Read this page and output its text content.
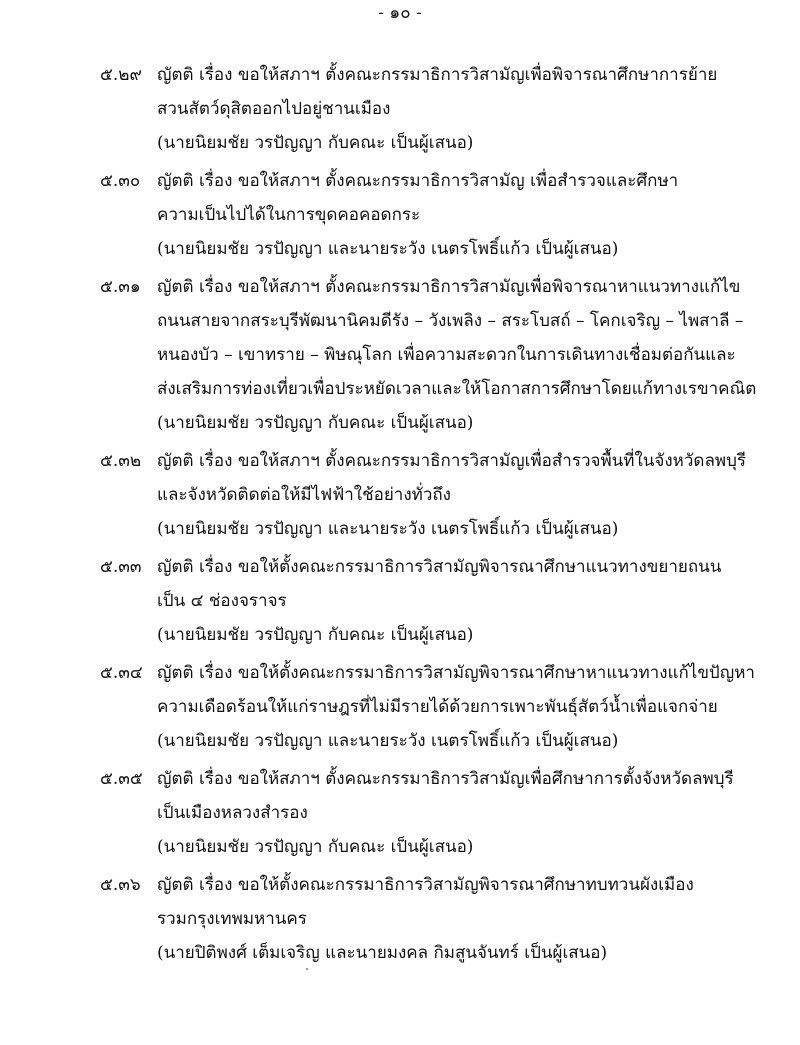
- ๑๐ -
๕.๒๙ ญัตติ เรื่อง ขอให้สภาฯ ตั้งคณะกรรมาธิการวิสามัญเพื่อพิจารณาศึกษาการย้าย
สวนสัตว์ดุสิตออกไปอยู่ชานเมือง
(นายนิยมชัย วรปัญญา กับคณะ เป็นผู้เสนอ)
๕.๓๐ ญัตติ เรื่อง ขอให้สภาฯ ตั้งคณะกรรมาธิการวิสามัญ เพื่อสำรวจและศึกษา
ความเป็นไปได้ในการขุดคอคอดกระ
(นายนิยมชัย วรปัญญา และนายระวัง เนตรโพธิ์แก้ว เป็นผู้เสนอ)
๕.๓๑ ญัตติ เรื่อง ขอให้สภาฯ ตั้งคณะกรรมาธิการวิสามัญเพื่อพิจารณาหาแนวทางแก้ไข
ถนนสายจากสระบุรีพัฒนานิคมดีรัง – วังเพลิง – สระโบสถ์ – โคกเจริญ – ไพสาลี –
หนองบัว – เขาทราย – พิษณุโลก เพื่อความสะดวกในการเดินทางเชื่อมต่อกันและ
ส่งเสริมการท่องเที่ยวเพื่อประหยัดเวลาและให้โอกาสการศึกษาโดยแก้ทางเรขาคณิต
(นายนิยมชัย วรปัญญา กับคณะ เป็นผู้เสนอ)
๕.๓๒ ญัตติ เรื่อง ขอให้สภาฯ ตั้งคณะกรรมาธิการวิสามัญเพื่อสำรวจพื้นที่ในจังหวัดลพบุรี
และจังหวัดติดต่อให้มีไฟฟ้าใช้อย่างทั่วถึง
(นายนิยมชัย วรปัญญา และนายระวัง เนตรโพธิ์แก้ว เป็นผู้เสนอ)
๕.๓๓ ญัตติ เรื่อง ขอให้ตั้งคณะกรรมาธิการวิสามัญพิจารณาศึกษาแนวทางขยายถนน
เป็น ๔ ช่องจราจร
(นายนิยมชัย วรปัญญา กับคณะ เป็นผู้เสนอ)
๕.๓๔ ญัตติ เรื่อง ขอให้ตั้งคณะกรรมาธิการวิสามัญพิจารณาศึกษาหาแนวทางแก้ไขปัญหา
ความเดือดร้อนให้แก่ราษฎรที่ไม่มีรายได้ด้วยการเพาะพันธุ์สัตว์น้ำเพื่อแจกจ่าย
(นายนิยมชัย วรปัญญา และนายระวัง เนตรโพธิ์แก้ว เป็นผู้เสนอ)
๕.๓๕ ญัตติ เรื่อง ขอให้สภาฯ ตั้งคณะกรรมาธิการวิสามัญเพื่อศึกษาการตั้งจังหวัดลพบุรี
เป็นเมืองหลวงสำรอง
(นายนิยมชัย วรปัญญา กับคณะ เป็นผู้เสนอ)
๕.๓๖ ญัตติ เรื่อง ขอให้ตั้งคณะกรรมาธิการวิสามัญพิจารณาศึกษาทบทวนผังเมือง
รวมกรุงเทพมหานคร
(นายปิติพงศ์ เต็มเจริญ และนายมงคล กิมสูนจันทร์ เป็นผู้เสนอ)
